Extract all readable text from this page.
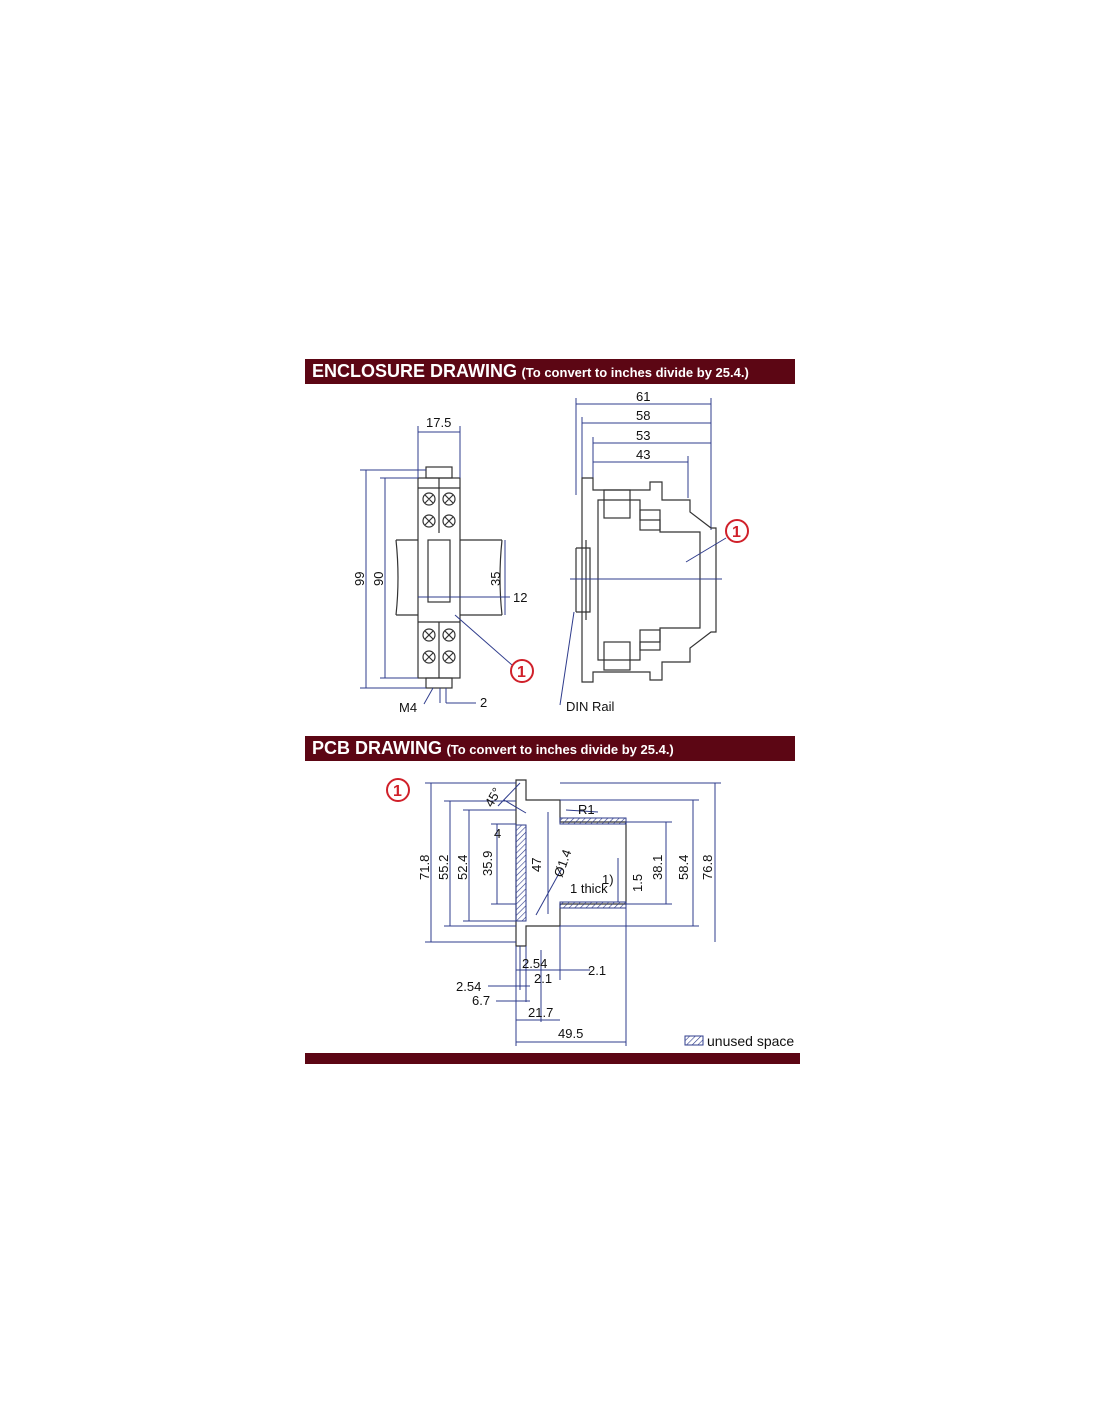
ENCLOSURE DRAWING (To convert to inches divide by 25.4.)
PCB DRAWING (To convert to inches divide by 25.4.)
17.5
99 90	35
12
M4	2
1
61
58
53
43
DIN Rail
1
1	45°	R1
4
71.8 55.2 52.4 35.9	47 Ø1.4
1 thick
1) 1.5
38.1 58.4 76.8
2.54
2.1
2.1
2.54
6.7
21.7
49.5	unused space
